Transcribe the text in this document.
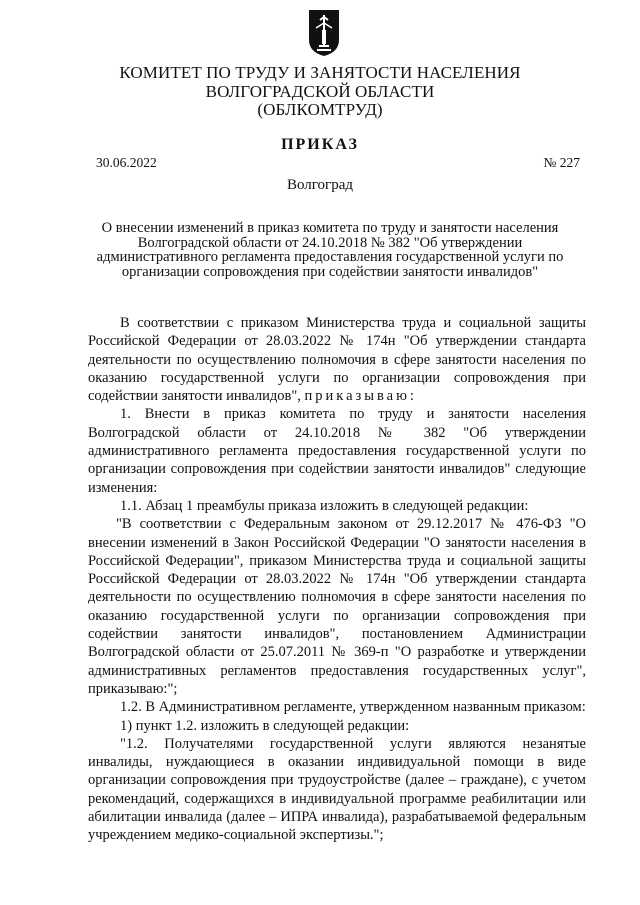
КОМИТЕТ ПО ТРУДУ И ЗАНЯТОСТИ НАСЕЛЕНИЯ
ВОЛГОГРАДСКОЙ ОБЛАСТИ
(ОБЛКОМТРУД)
ПРИКАЗ
30.06.2022	№ 227
Волгоград
О внесении изменений в приказ комитета по труду и занятости населения Волгоградской области от 24.10.2018 № 382 "Об утверждении административного регламента предоставления государственной услуги по организации сопровождения при содействии занятости инвалидов"

В соответствии с приказом Министерства труда и социальной защиты Российской Федерации от 28.03.2022 № 174н "Об утверждении стандарта деятельности по осуществлению полномочия в сфере занятости населения по оказанию государственной услуги по организации сопровождения при содействии занятости инвалидов", приказываю:

1. Внести в приказ комитета по труду и занятости населения Волгоградской области от 24.10.2018 № 382 "Об утверждении административного регламента предоставления государственной услуги по организации сопровождения при содействии занятости инвалидов" следующие изменения:

1.1. Абзац 1 преамбулы приказа изложить в следующей редакции:

"В соответствии с Федеральным законом от 29.12.2017 № 476-ФЗ "О внесении изменений в Закон Российской Федерации "О занятости населения в Российской Федерации", приказом Министерства труда и социальной защиты Российской Федерации от 28.03.2022 № 174н "Об утверждении стандарта деятельности по осуществлению полномочия в сфере занятости населения по оказанию государственной услуги по организации сопровождения при содействии занятости инвалидов", постановлением Администрации Волгоградской области от 25.07.2011 № 369-п "О разработке и утверждении административных регламентов предоставления государственных услуг", приказываю:";

1.2. В Административном регламенте, утвержденном названным приказом:

1) пункт 1.2. изложить в следующей редакции:

"1.2. Получателями государственной услуги являются незанятые инвалиды, нуждающиеся в оказании индивидуальной помощи в виде организации сопровождения при трудоустройстве (далее – граждане), с учетом рекомендаций, содержащихся в индивидуальной программе реабилитации или абилитации инвалида (далее – ИПРА инвалида), разрабатываемой федеральным учреждением медико-социальной экспертизы.";
